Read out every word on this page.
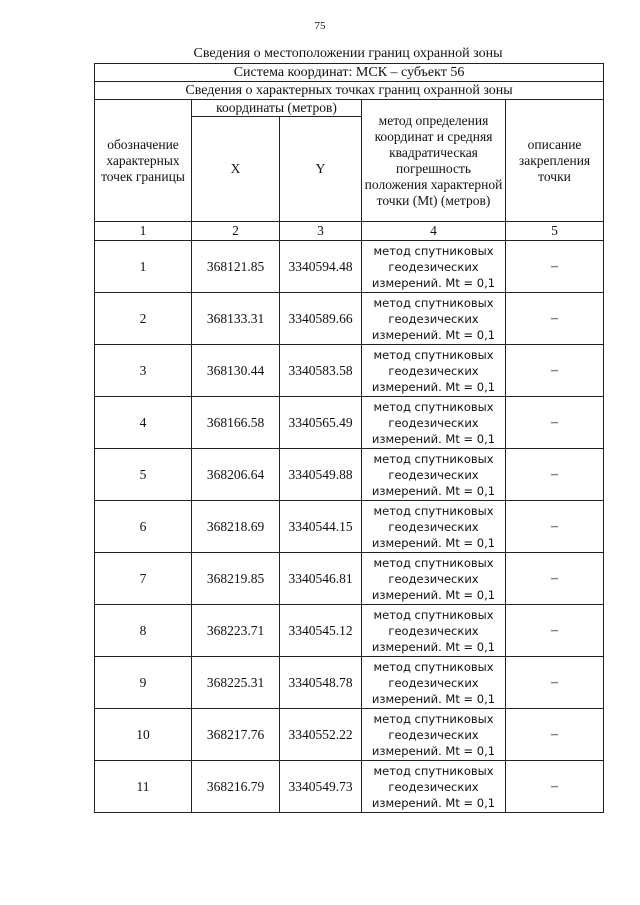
75
Сведения о местоположении границ охранной зоны
Система координат: МСК – субъект 56				
Сведения о характерных точках границ охранной зоны				
обозначение характерных точек границы	координаты (метров)		метод определения координат и средняя квадратическая погрешность положения характерной точки (Mt) (метров)	описание закрепления точки
	X	Y		
1	2	3	4	5
1	368121.85	3340594.48	метод спутниковых геодезических измерений. Mt = 0,1	–
2	368133.31	3340589.66	метод спутниковых геодезических измерений. Mt = 0,1	–
3	368130.44	3340583.58	метод спутниковых геодезических измерений. Mt = 0,1	–
4	368166.58	3340565.49	метод спутниковых геодезических измерений. Mt = 0,1	–
5	368206.64	3340549.88	метод спутниковых геодезических измерений. Mt = 0,1	–
6	368218.69	3340544.15	метод спутниковых геодезических измерений. Mt = 0,1	–
7	368219.85	3340546.81	метод спутниковых геодезических измерений. Mt = 0,1	–
8	368223.71	3340545.12	метод спутниковых геодезических измерений. Mt = 0,1	–
9	368225.31	3340548.78	метод спутниковых геодезических измерений. Mt = 0,1	–
10	368217.76	3340552.22	метод спутниковых геодезических измерений. Mt = 0,1	–
11	368216.79	3340549.73	метод спутниковых геодезических измерений. Mt = 0,1	–
